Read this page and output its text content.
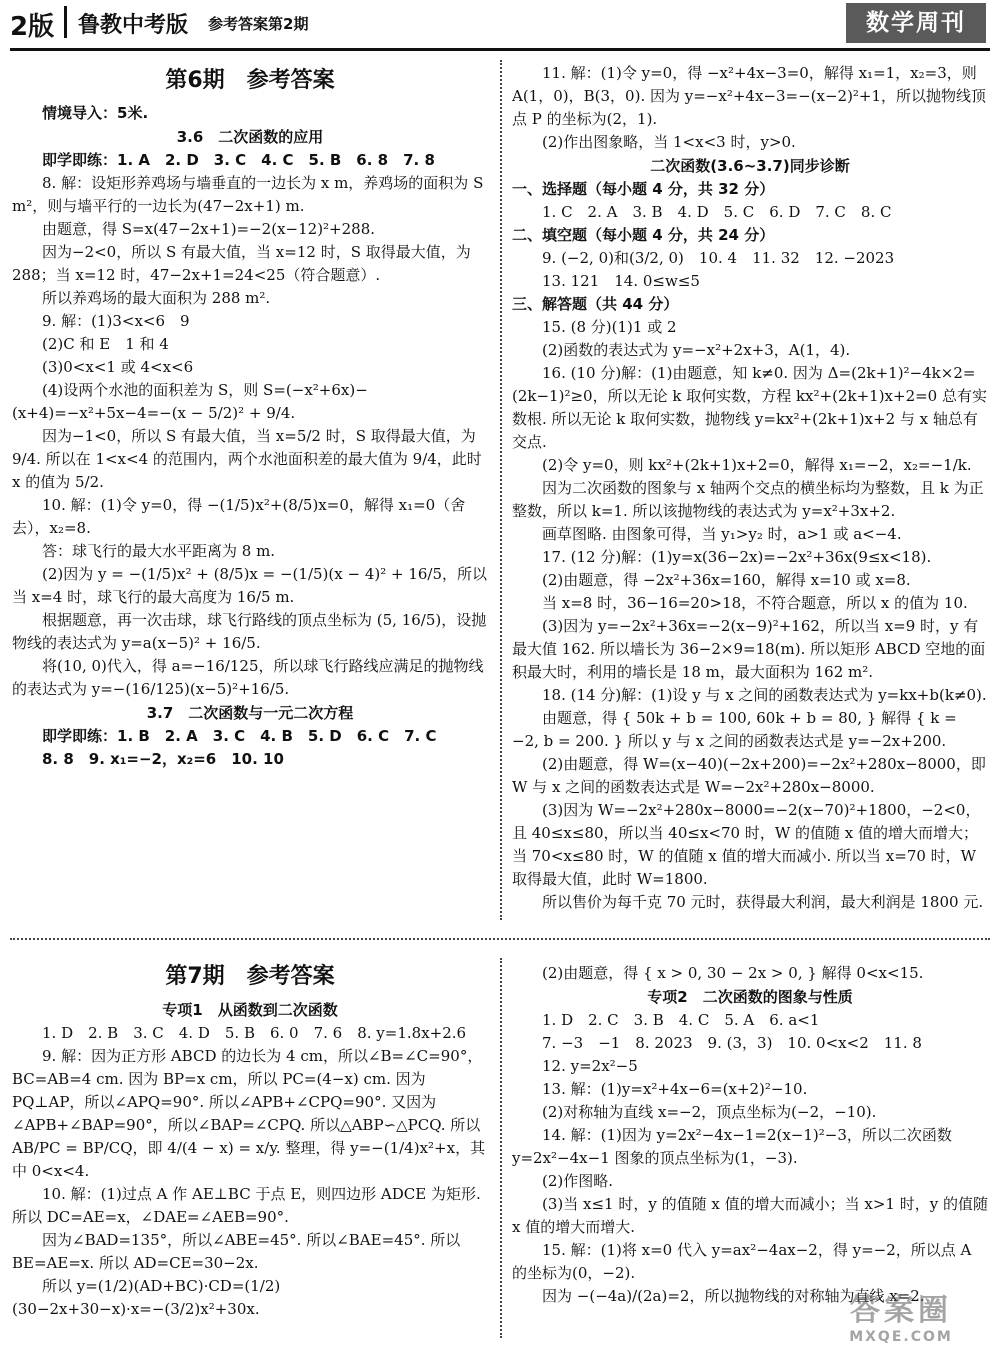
2版 鲁教中考版 参考答案第2期	数学周刊
第6期　参考答案

情境导入：5米.

3.6　二次函数的应用

即学即练：1. A　2. D　3. C　4. C　5. B　6. 8　7. 8

8. 解：设矩形养鸡场与墙垂直的一边长为 x m，养鸡场的面积为 S m²，则与墙平行的一边长为(47−2x+1) m.

由题意，得 S=x(47−2x+1)=−2(x−12)²+288.

因为−2<0，所以 S 有最大值，当 x=12 时，S 取得最大值，为 288；当 x=12 时，47−2x+1=24<25（符合题意）.

所以养鸡场的最大面积为 288 m².

9. 解：(1)3<x<6　9

(2)C 和 E　1 和 4

(3)0<x<1 或 4<x<6

(4)设两个水池的面积差为 S，则 S=(−x²+6x)−(x+4)=−x²+5x−4=−(x − 5/2)² + 9/4.

因为−1<0，所以 S 有最大值，当 x=5/2 时，S 取得最大值，为 9/4. 所以在 1<x<4 的范围内，两个水池面积差的最大值为 9/4，此时 x 的值为 5/2.

10. 解：(1)令 y=0，得 −(1/5)x²+(8/5)x=0，解得 x₁=0（舍去），x₂=8.

答：球飞行的最大水平距离为 8 m.

(2)因为 y = −(1/5)x² + (8/5)x = −(1/5)(x − 4)² + 16/5，所以当 x=4 时，球飞行的最大高度为 16/5 m.

根据题意，再一次击球，球飞行路线的顶点坐标为 (5, 16/5)，设抛物线的表达式为 y=a(x−5)² + 16/5.

将(10, 0)代入，得 a=−16/125，所以球飞行路线应满足的抛物线的表达式为 y=−(16/125)(x−5)²+16/5.

3.7　二次函数与一元二次方程

即学即练：1. B　2. A　3. C　4. B　5. D　6. C　7. C

8. 8　9. x₁=−2，x₂=6　10. 10

11. 解：(1)令 y=0，得 −x²+4x−3=0，解得 x₁=1，x₂=3，则 A(1，0)，B(3，0). 因为 y=−x²+4x−3=−(x−2)²+1，所以抛物线顶点 P 的坐标为(2，1).

(2)作出图象略，当 1<x<3 时，y>0.

二次函数(3.6~3.7)同步诊断

一、选择题（每小题 4 分，共 32 分）

1. C　2. A　3. B　4. D　5. C　6. D　7. C　8. C

二、填空题（每小题 4 分，共 24 分）

9. (−2, 0)和(3/2, 0)　10. 4　11. 32　12. −2023

13. 121　14. 0≤w≤5

三、解答题（共 44 分）

15. (8 分)(1)1 或 2

(2)函数的表达式为 y=−x²+2x+3，A(1，4).

16. (10 分)解：(1)由题意，知 k≠0. 因为 Δ=(2k+1)²−4k×2=(2k−1)²≥0，所以无论 k 取何实数，方程 kx²+(2k+1)x+2=0 总有实数根. 所以无论 k 取何实数，抛物线 y=kx²+(2k+1)x+2 与 x 轴总有交点.

(2)令 y=0，则 kx²+(2k+1)x+2=0，解得 x₁=−2，x₂=−1/k.

因为二次函数的图象与 x 轴两个交点的横坐标均为整数，且 k 为正整数，所以 k=1. 所以该抛物线的表达式为 y=x²+3x+2.

画草图略. 由图象可得，当 y₁>y₂ 时，a>1 或 a<−4.

17. (12 分)解：(1)y=x(36−2x)=−2x²+36x(9≤x<18).

(2)由题意，得 −2x²+36x=160，解得 x=10 或 x=8.

当 x=8 时，36−16=20>18，不符合题意，所以 x 的值为 10.

(3)因为 y=−2x²+36x=−2(x−9)²+162，所以当 x=9 时，y 有最大值 162. 所以墙长为 36−2×9=18(m). 所以矩形 ABCD 空地的面积最大时，利用的墙长是 18 m，最大面积为 162 m².

18. (14 分)解：(1)设 y 与 x 之间的函数表达式为 y=kx+b(k≠0).

由题意，得 { 50k + b = 100, 60k + b = 80, } 解得 { k = −2, b = 200. } 所以 y 与 x 之间的函数表达式是 y=−2x+200.

(2)由题意，得 W=(x−40)(−2x+200)=−2x²+280x−8000，即 W 与 x 之间的函数表达式是 W=−2x²+280x−8000.

(3)因为 W=−2x²+280x−8000=−2(x−70)²+1800，−2<0，且 40≤x≤80，所以当 40≤x<70 时，W 的值随 x 值的增大而增大；当 70<x≤80 时，W 的值随 x 值的增大而减小. 所以当 x=70 时，W 取得最大值，此时 W=1800.

所以售价为每千克 70 元时，获得最大利润，最大利润是 1800 元.

第7期　参考答案

专项1　从函数到二次函数

1. D　2. B　3. C　4. D　5. B　6. 0　7. 6　8. y=1.8x+2.6

9. 解：因为正方形 ABCD 的边长为 4 cm，所以∠B=∠C=90°，BC=AB=4 cm. 因为 BP=x cm，所以 PC=(4−x) cm. 因为 PQ⊥AP，所以∠APQ=90°. 所以∠APB+∠CPQ=90°. 又因为∠APB+∠BAP=90°，所以∠BAP=∠CPQ. 所以△ABP∽△PCQ. 所以 AB/PC = BP/CQ，即 4/(4 − x) = x/y. 整理，得 y=−(1/4)x²+x，其中 0<x<4.

10. 解：(1)过点 A 作 AE⊥BC 于点 E，则四边形 ADCE 为矩形. 所以 DC=AE=x，∠DAE=∠AEB=90°.

因为∠BAD=135°，所以∠ABE=45°. 所以∠BAE=45°. 所以 BE=AE=x. 所以 AD=CE=30−2x.

所以 y=(1/2)(AD+BC)·CD=(1/2)(30−2x+30−x)·x=−(3/2)x²+30x.

(2)由题意，得 { x > 0, 30 − 2x > 0, } 解得 0<x<15.

专项2　二次函数的图象与性质

1. D　2. C　3. B　4. C　5. A　6. a<1

7. −3　−1　8. 2023　9. (3，3)　10. 0<x<2　11. 8

12. y=2x²−5

13. 解：(1)y=x²+4x−6=(x+2)²−10.

(2)对称轴为直线 x=−2，顶点坐标为(−2，−10).

14. 解：(1)因为 y=2x²−4x−1=2(x−1)²−3，所以二次函数 y=2x²−4x−1 图象的顶点坐标为(1，−3).

(2)作图略.

(3)当 x≤1 时，y 的值随 x 值的增大而减小；当 x>1 时，y 的值随 x 值的增大而增大.

15. 解：(1)将 x=0 代入 y=ax²−4ax−2，得 y=−2，所以点 A 的坐标为(0，−2).

因为 −(−4a)/(2a)=2，所以抛物线的对称轴为直线 x=2.

答案圈
MXQE.COM
